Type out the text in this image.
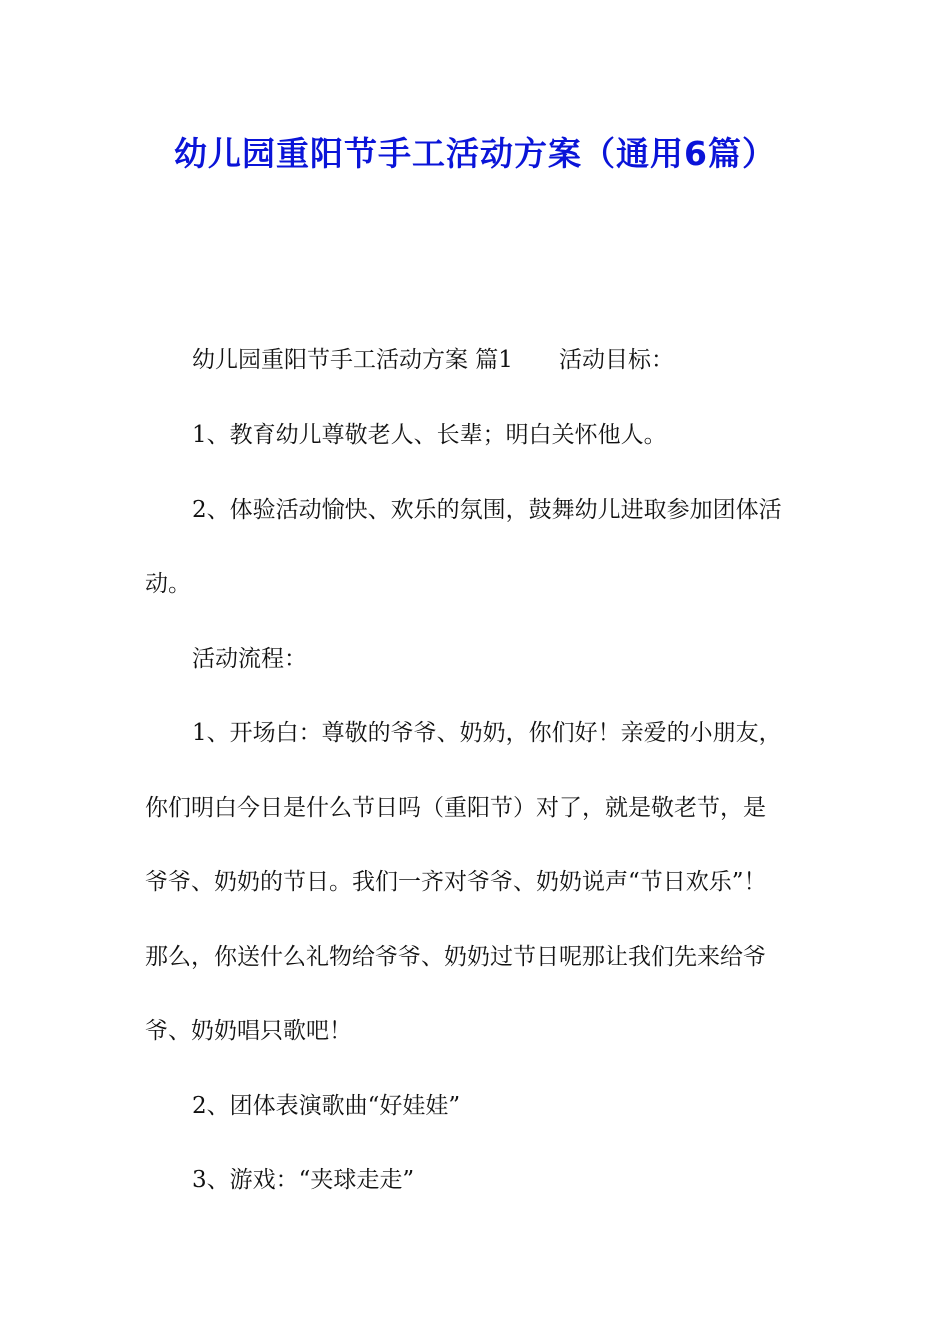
幼儿园重阳节手工活动方案（通用6篇）

幼儿园重阳节手工活动方案 篇1 活动目标：

1、教育幼儿尊敬老人、长辈；明白关怀他人。

2、体验活动愉快、欢乐的氛围，鼓舞幼儿进取参加团体活

动。

活动流程：

1、开场白：尊敬的爷爷、奶奶，你们好！亲爱的小朋友，

你们明白今日是什么节日吗（重阳节）对了，就是敬老节，是

爷爷、奶奶的节日。我们一齐对爷爷、奶奶说声“节日欢乐”！

那么，你送什么礼物给爷爷、奶奶过节日呢那让我们先来给爷

爷、奶奶唱只歌吧！

2、团体表演歌曲“好娃娃”

3、游戏：“夹球走走”
